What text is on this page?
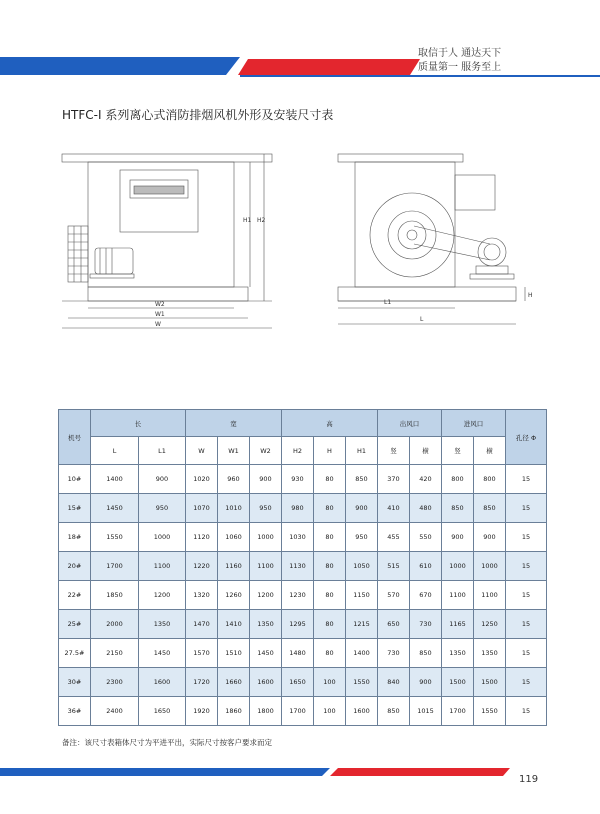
取信于人 通达天下
质量第一 服务至上
HTFC-I 系列离心式消防排烟风机外形及安装尺寸表
H1 H2
W2
W1
W
L1
L
H
机号	长		宽			高			出风口		进风口		孔径 Φ
	L	L1	W	W1	W2	H2	H	H1	竖	横	竖	横	
10#	1400	900	1020	960	900	930	80	850	370	420	800	800	15
15#	1450	950	1070	1010	950	980	80	900	410	480	850	850	15
18#	1550	1000	1120	1060	1000	1030	80	950	455	550	900	900	15
20#	1700	1100	1220	1160	1100	1130	80	1050	515	610	1000	1000	15
22#	1850	1200	1320	1260	1200	1230	80	1150	570	670	1100	1100	15
25#	2000	1350	1470	1410	1350	1295	80	1215	650	730	1165	1250	15
27.5#	2150	1450	1570	1510	1450	1480	80	1400	730	850	1350	1350	15
30#	2300	1600	1720	1660	1600	1650	100	1550	840	900	1500	1500	15
36#	2400	1650	1920	1860	1800	1700	100	1600	850	1015	1700	1550	15
备注：该尺寸表箱体尺寸为平进平出，实际尺寸按客户要求而定
119
